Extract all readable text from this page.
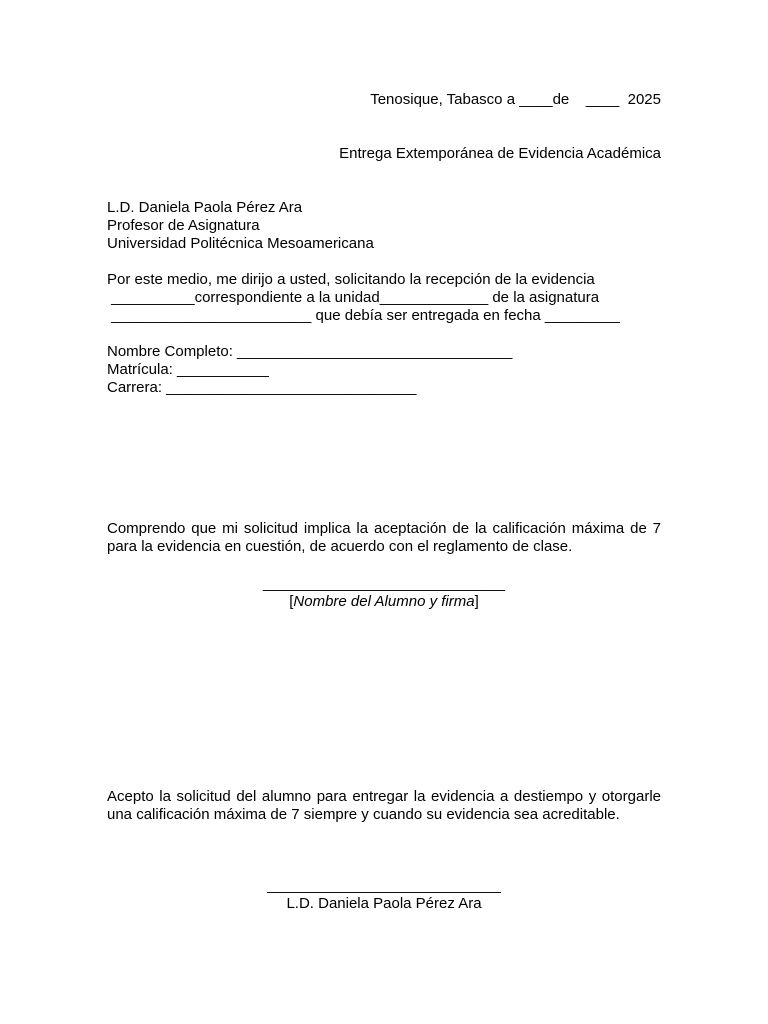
Tenosique, Tabasco a ____de    ____  2025
Entrega Extemporánea de Evidencia Académica
L.D. Daniela Paola Pérez Ara
Profesor de Asignatura
Universidad Politécnica Mesoamericana
Por este medio, me dirijo a usted, solicitando la recepción de la evidencia
__________correspondiente a la unidad_____________ de la asignatura
________________________ que debía ser entregada en fecha _________
Nombre Completo: _________________________________
Matrícula: ___________
Carrera: ______________________________
Comprendo que mi solicitud implica la aceptación de la calificación máxima de 7 para la evidencia en cuestión, de acuerdo con el reglamento de clase.
_____________________________
[Nombre del Alumno y firma]
Acepto la solicitud del alumno para entregar la evidencia a destiempo y otorgarle una calificación máxima de 7 siempre y cuando su evidencia sea acreditable.
____________________________
L.D. Daniela Paola Pérez Ara
